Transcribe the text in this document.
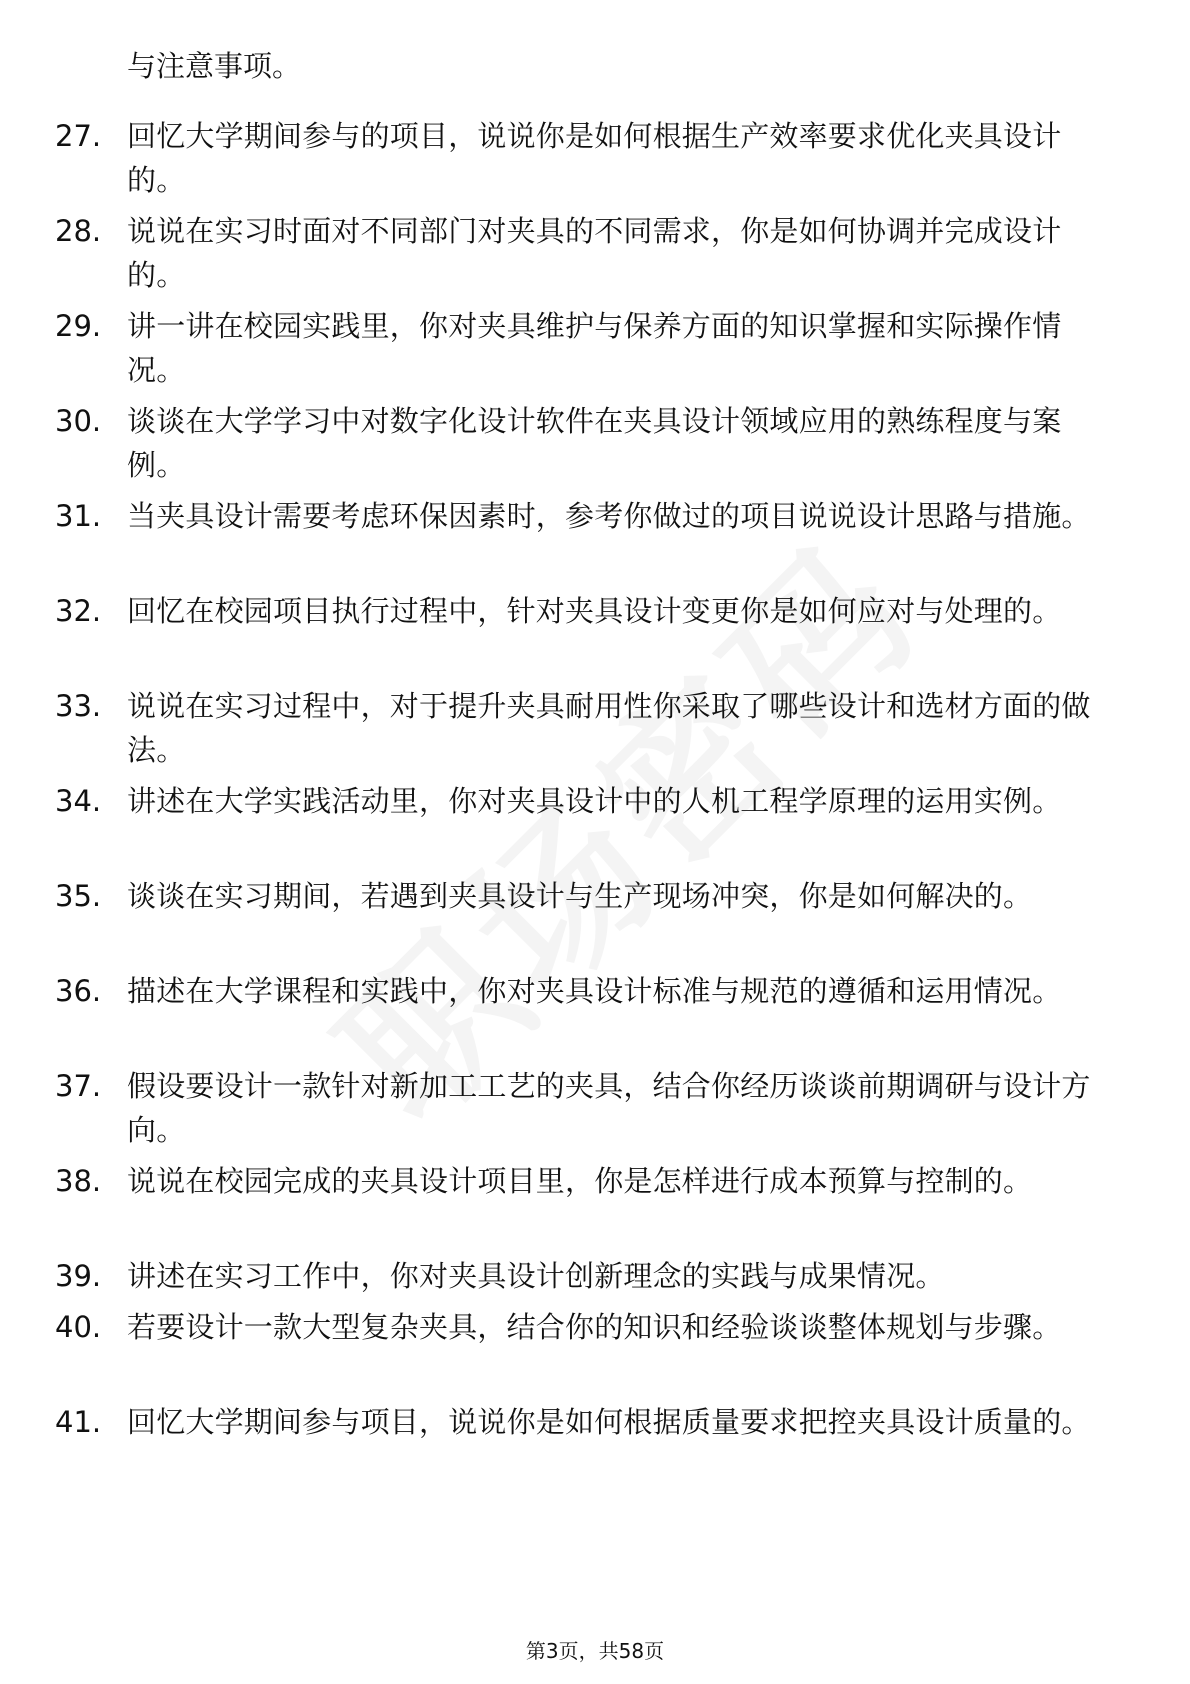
与注意事项。
27. 回忆大学期间参与的项目，说说你是如何根据生产效率要求优化夹具设计的。
28. 说说在实习时面对不同部门对夹具的不同需求，你是如何协调并完成设计的。
29. 讲一讲在校园实践里，你对夹具维护与保养方面的知识掌握和实际操作情况。
30. 谈谈在大学学习中对数字化设计软件在夹具设计领域应用的熟练程度与案例。
31. 当夹具设计需要考虑环保因素时，参考你做过的项目说说设计思路与措施。
32. 回忆在校园项目执行过程中，针对夹具设计变更你是如何应对与处理的。
33. 说说在实习过程中，对于提升夹具耐用性你采取了哪些设计和选材方面的做法。
34. 讲述在大学实践活动里，你对夹具设计中的人机工程学原理的运用实例。
35. 谈谈在实习期间，若遇到夹具设计与生产现场冲突，你是如何解决的。
36. 描述在大学课程和实践中，你对夹具设计标准与规范的遵循和运用情况。
37. 假设要设计一款针对新加工工艺的夹具，结合你经历谈谈前期调研与设计方向。
38. 说说在校园完成的夹具设计项目里，你是怎样进行成本预算与控制的。
39. 讲述在实习工作中，你对夹具设计创新理念的实践与成果情况。
40. 若要设计一款大型复杂夹具，结合你的知识和经验谈谈整体规划与步骤。
41. 回忆大学期间参与项目，说说你是如何根据质量要求把控夹具设计质量的。
第3页，共58页
